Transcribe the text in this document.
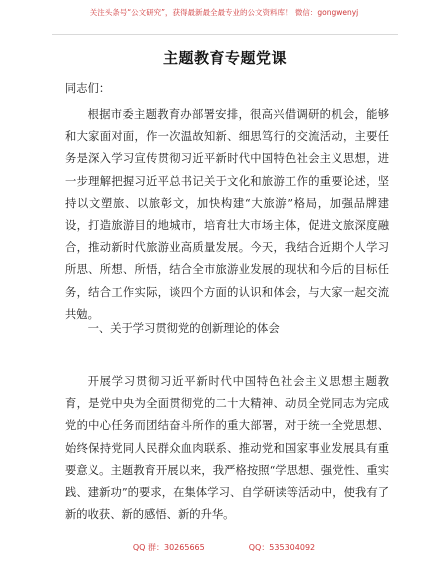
关注头条号“公文研究”，获得最新最全最专业的公文资料库！ 微信：gongwenyj
主题教育专题党课
同志们：

根据市委主题教育办部署安排，很高兴借调研的机会，能够和大家面对面，作一次温故知新、细思笃行的交流活动，主要任务是深入学习宣传贯彻习近平新时代中国特色社会主义思想，进一步理解把握习近平总书记关于文化和旅游工作的重要论述，坚持以文塑旅、以旅彰文，加快构建“大旅游”格局，加强品牌建设，打造旅游目的地城市，培育壮大市场主体，促进文旅深度融合，推动新时代旅游业高质量发展。今天，我结合近期个人学习所思、所想、所悟，结合全市旅游业发展的现状和今后的目标任务，结合工作实际，谈四个方面的认识和体会，与大家一起交流共勉。

一、关于学习贯彻党的创新理论的体会

开展学习贯彻习近平新时代中国特色社会主义思想主题教育，是党中央为全面贯彻党的二十大精神、动员全党同志为完成党的中心任务而团结奋斗所作的重大部署，对于统一全党思想、始终保持党同人民群众血肉联系、推动党和国家事业发展具有重要意义。主题教育开展以来，我严格按照“学思想、强党性、重实践、建新功”的要求，在集体学习、自学研读等活动中，使我有了新的收获、新的感悟、新的升华。

QQ 群：30265665	QQ：535304092
